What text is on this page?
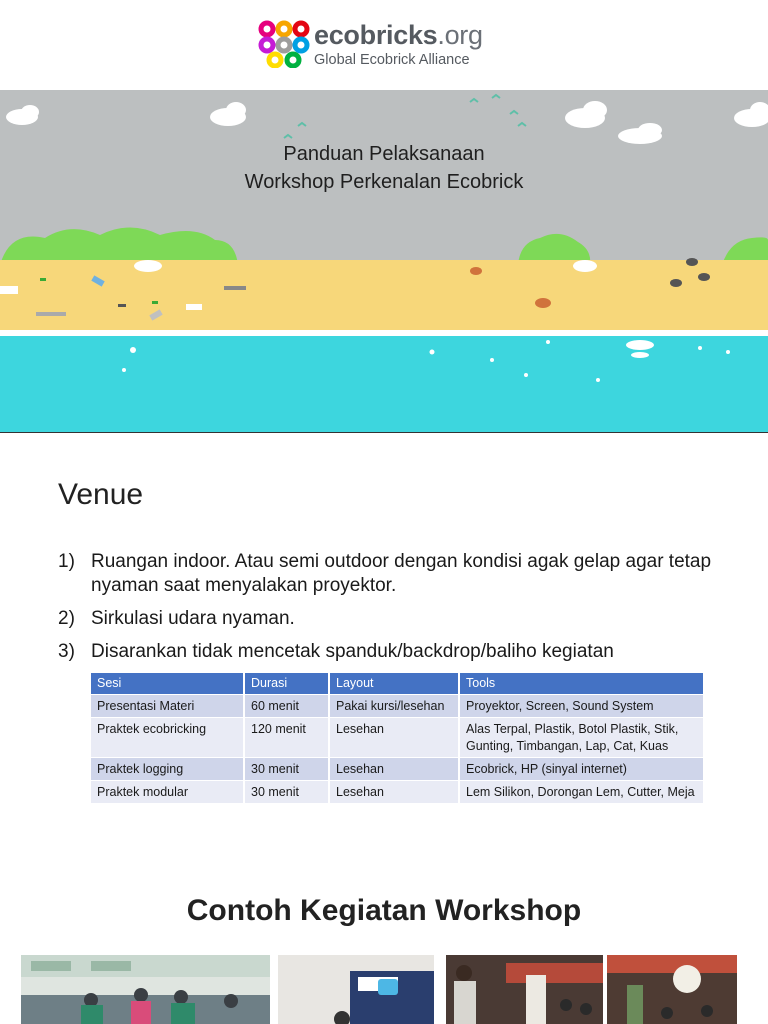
ecobricks.org
Global Ecobrick Alliance
Panduan Pelaksanaan
Workshop Perkenalan Ecobrick
Venue
1) Ruangan indoor. Atau semi outdoor dengan kondisi agak gelap agar tetap nyaman saat menyalakan proyektor.
2) Sirkulasi udara nyaman.
3) Disarankan tidak mencetak spanduk/backdrop/baliho kegiatan
Sesi	Durasi	Layout	Tools
Presentasi Materi	60 menit	Pakai kursi/lesehan	Proyektor, Screen, Sound System
Praktek ecobricking	120 menit	Lesehan	Alas Terpal, Plastik, Botol Plastik, Stik, Gunting, Timbangan, Lap, Cat, Kuas
Praktek logging	30 menit	Lesehan	Ecobrick, HP (sinyal internet)
Praktek modular	30 menit	Lesehan	Lem Silikon, Dorongan Lem, Cutter, Meja
Contoh Kegiatan Workshop
